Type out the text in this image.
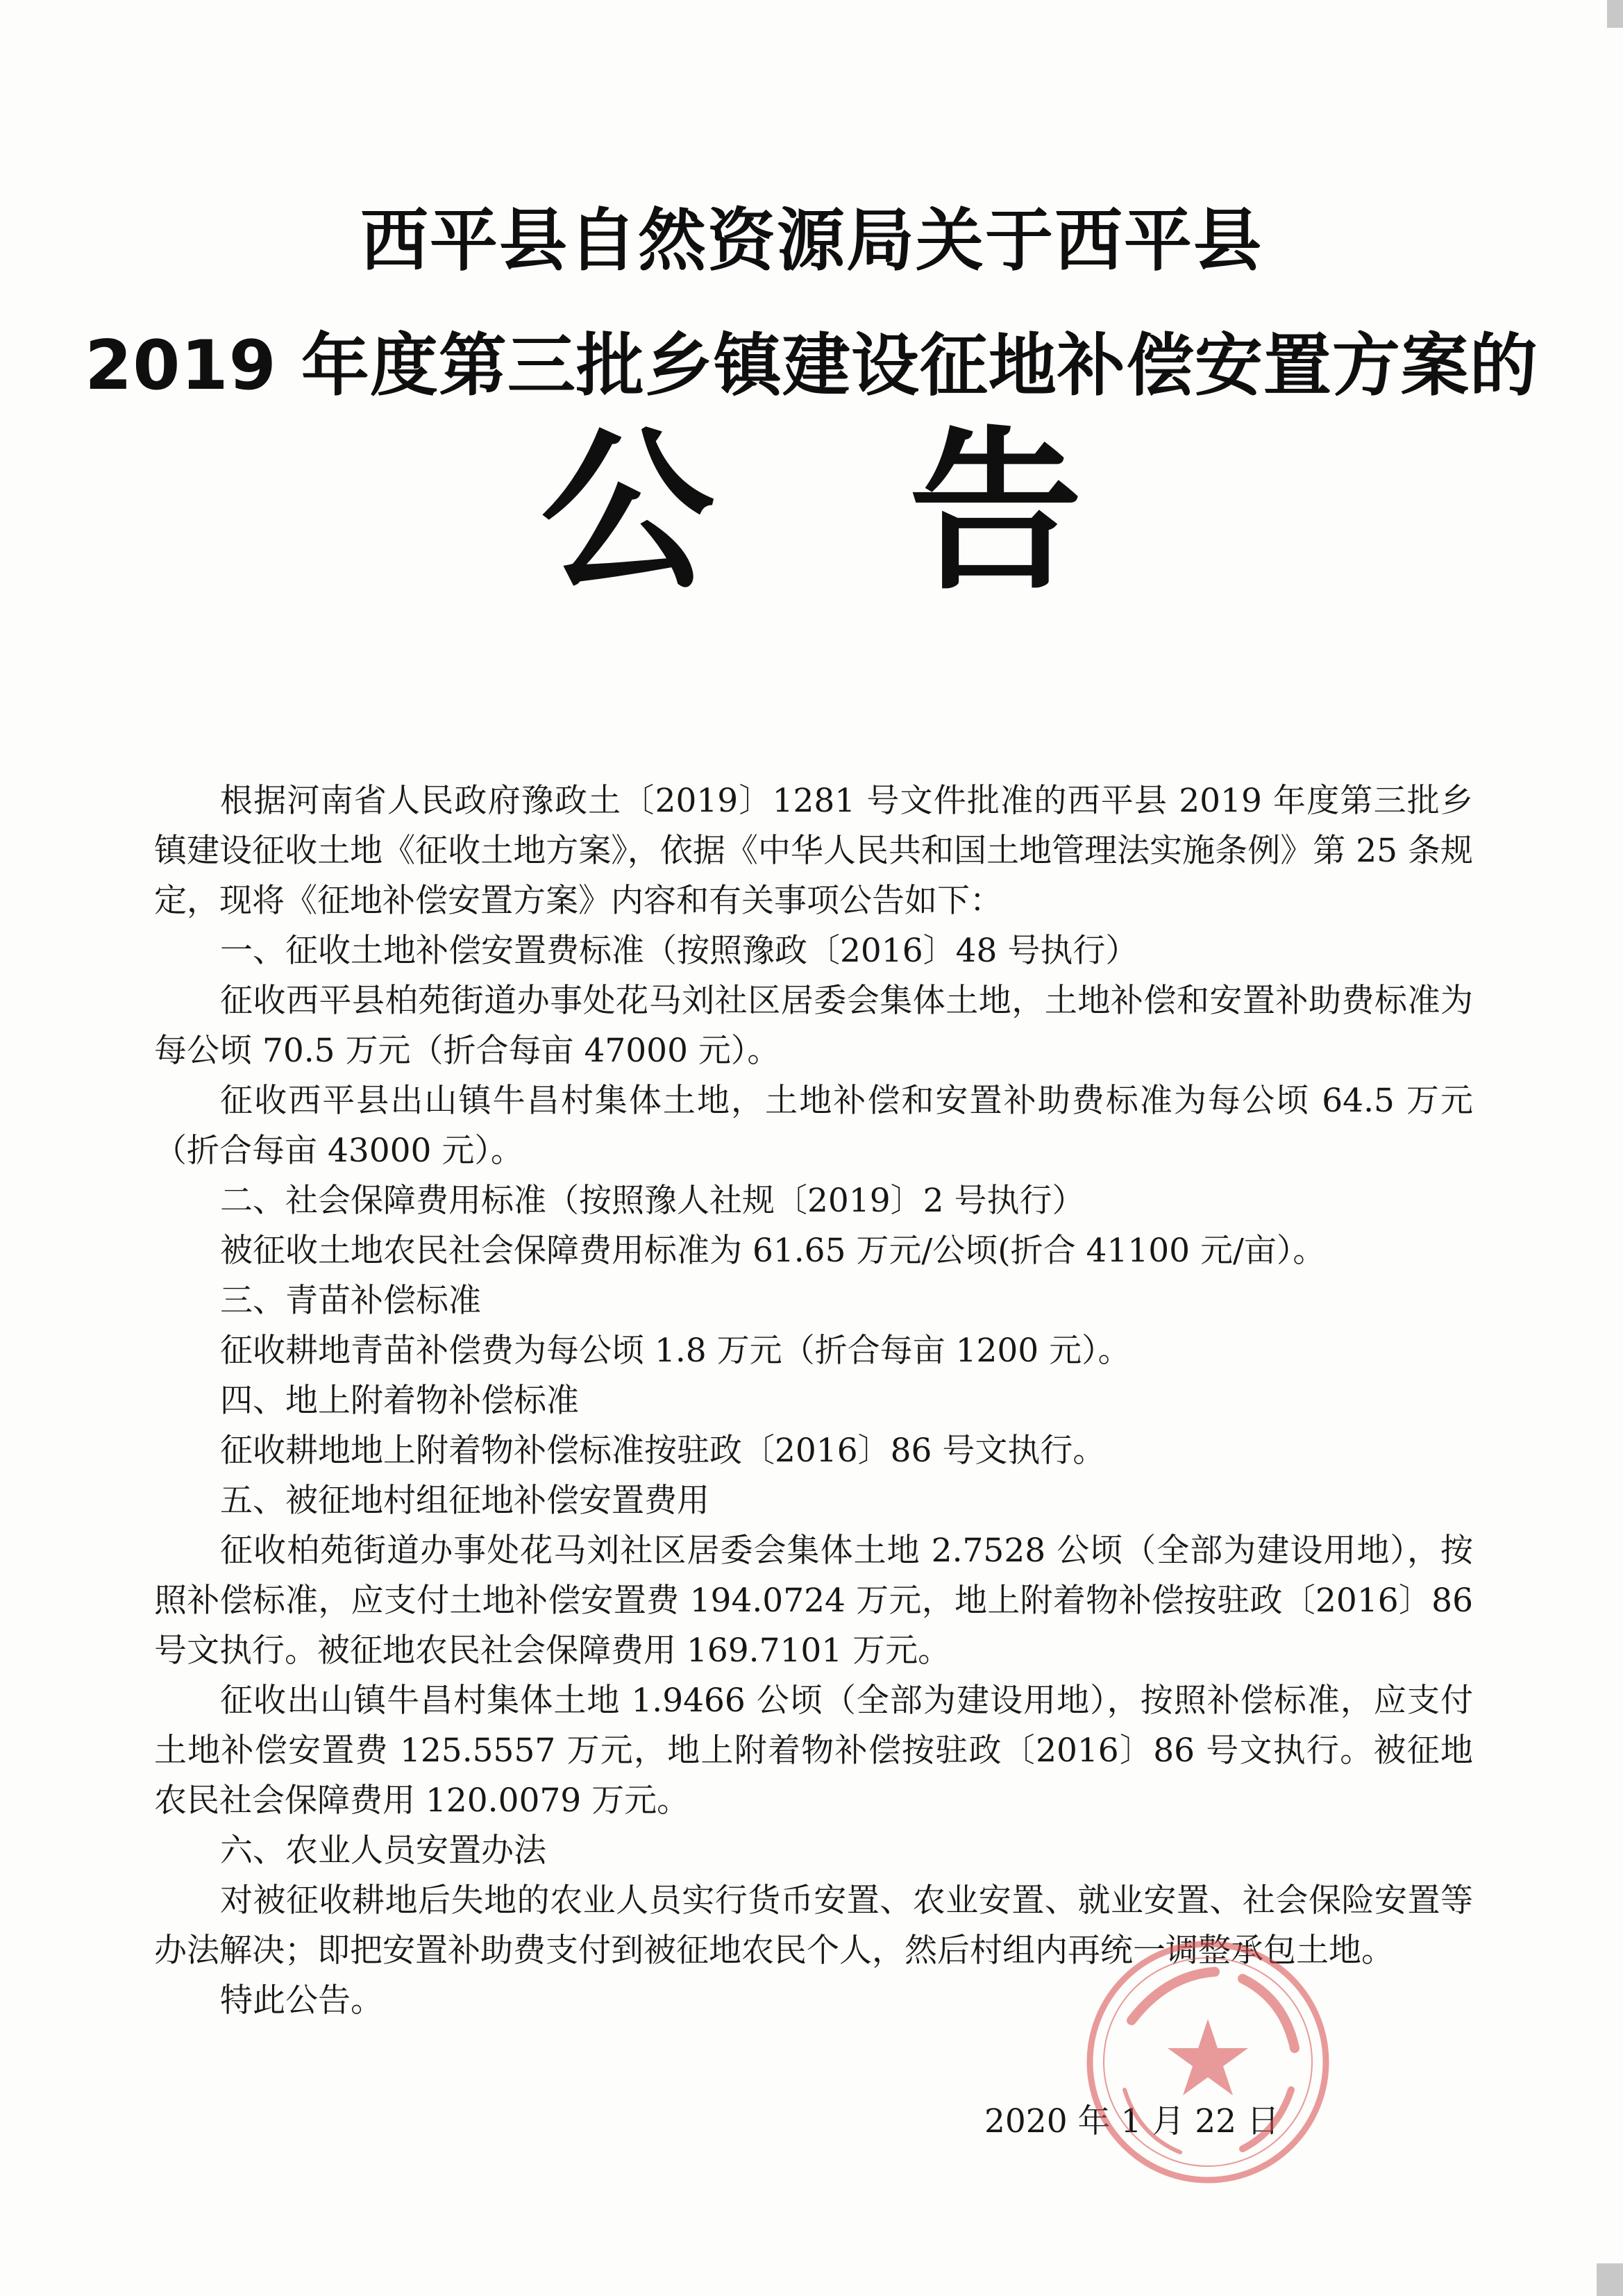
西平县自然资源局关于西平县
2019 年度第三批乡镇建设征地补偿安置方案的
公告

根据河南省人民政府豫政土〔2019〕1281 号文件批准的西平县 2019 年度第三批乡镇建设征收土地《征收土地方案》，依据《中华人民共和国土地管理法实施条例》第 25 条规定，现将《征地补偿安置方案》内容和有关事项公告如下：

一、征收土地补偿安置费标准（按照豫政〔2016〕48 号执行）

征收西平县柏苑街道办事处花马刘社区居委会集体土地，土地补偿和安置补助费标准为每公顷 70.5 万元（折合每亩 47000 元）。

征收西平县出山镇牛昌村集体土地，土地补偿和安置补助费标准为每公顷 64.5 万元（折合每亩 43000 元）。

二、社会保障费用标准（按照豫人社规〔2019〕2 号执行）

被征收土地农民社会保障费用标准为 61.65 万元/公顷(折合 41100 元/亩）。

三、青苗补偿标准

征收耕地青苗补偿费为每公顷 1.8 万元（折合每亩 1200 元）。

四、地上附着物补偿标准

征收耕地地上附着物补偿标准按驻政〔2016〕86 号文执行。

五、被征地村组征地补偿安置费用

征收柏苑街道办事处花马刘社区居委会集体土地 2.7528 公顷（全部为建设用地），按照补偿标准，应支付土地补偿安置费 194.0724 万元，地上附着物补偿按驻政〔2016〕86 号文执行。被征地农民社会保障费用 169.7101 万元。

征收出山镇牛昌村集体土地 1.9466 公顷（全部为建设用地），按照补偿标准，应支付土地补偿安置费 125.5557 万元，地上附着物补偿按驻政〔2016〕86 号文执行。被征地农民社会保障费用 120.0079 万元。

六、农业人员安置办法

对被征收耕地后失地的农业人员实行货币安置、农业安置、就业安置、社会保险安置等办法解决；即把安置补助费支付到被征地农民个人，然后村组内再统一调整承包土地。

特此公告。

2020 年 1 月 22 日
